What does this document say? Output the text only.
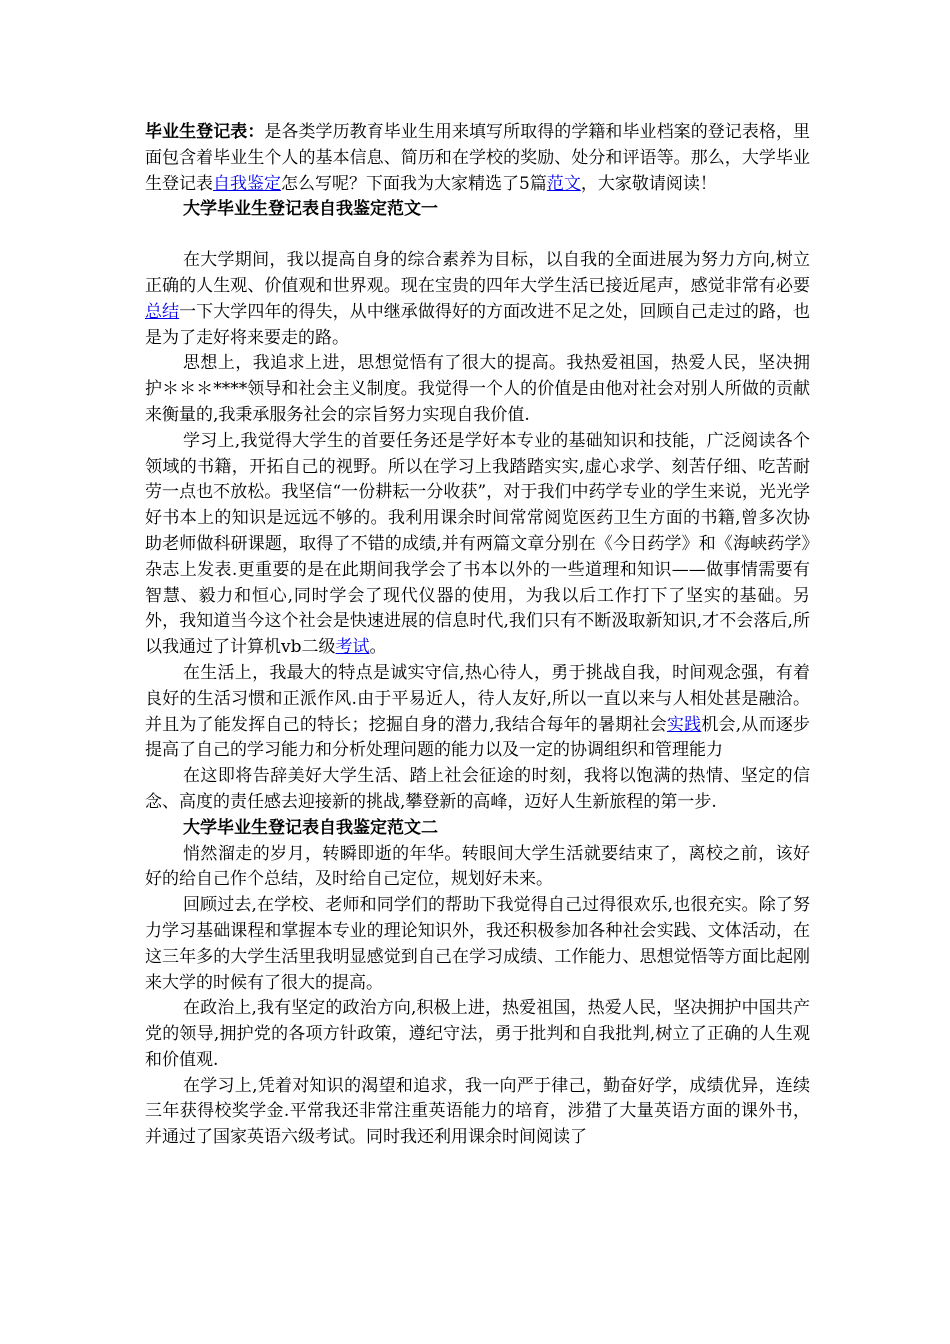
毕业生登记表：是各类学历教育毕业生用来填写所取得的学籍和毕业档案的登记表格，里面包含着毕业生个人的基本信息、简历和在学校的奖励、处分和评语等。那么，大学毕业生登记表自我鉴定怎么写呢？下面我为大家精选了5篇范文，大家敬请阅读！

大学毕业生登记表自我鉴定范文一

在大学期间，我以提高自身的综合素养为目标，以自我的全面进展为努力方向,树立正确的人生观、价值观和世界观。现在宝贵的四年大学生活已接近尾声，感觉非常有必要总结一下大学四年的得失，从中继承做得好的方面改进不足之处，回顾自己走过的路，也是为了走好将来要走的路。

思想上，我追求上进，思想觉悟有了很大的提高。我热爱祖国，热爱人民，坚决拥护＊＊＊****领导和社会主义制度。我觉得一个人的价值是由他对社会对别人所做的贡献来衡量的,我秉承服务社会的宗旨努力实现自我价值.

学习上,我觉得大学生的首要任务还是学好本专业的基础知识和技能，广泛阅读各个领域的书籍，开拓自己的视野。所以在学习上我踏踏实实,虚心求学、刻苦仔细、吃苦耐劳一点也不放松。我坚信“一份耕耘一分收获”，对于我们中药学专业的学生来说，光光学好书本上的知识是远远不够的。我利用课余时间常常阅览医药卫生方面的书籍,曾多次协助老师做科研课题，取得了不错的成绩,并有两篇文章分别在《今日药学》和《海峡药学》杂志上发表.更重要的是在此期间我学会了书本以外的一些道理和知识——做事情需要有智慧、毅力和恒心,同时学会了现代仪器的使用，为我以后工作打下了坚实的基础。另外，我知道当今这个社会是快速进展的信息时代,我们只有不断汲取新知识,才不会落后,所以我通过了计算机vb二级考试。

在生活上，我最大的特点是诚实守信,热心待人，勇于挑战自我，时间观念强，有着良好的生活习惯和正派作风.由于平易近人，待人友好,所以一直以来与人相处甚是融洽。并且为了能发挥自己的特长；挖掘自身的潜力,我结合每年的暑期社会实践机会,从而逐步提高了自己的学习能力和分析处理问题的能力以及一定的协调组织和管理能力

在这即将告辞美好大学生活、踏上社会征途的时刻，我将以饱满的热情、坚定的信念、高度的责任感去迎接新的挑战,攀登新的高峰，迈好人生新旅程的第一步.

大学毕业生登记表自我鉴定范文二

悄然溜走的岁月，转瞬即逝的年华。转眼间大学生活就要结束了，离校之前，该好好的给自己作个总结，及时给自己定位，规划好未来。

回顾过去,在学校、老师和同学们的帮助下我觉得自己过得很欢乐,也很充实。除了努力学习基础课程和掌握本专业的理论知识外，我还积极参加各种社会实践、文体活动，在这三年多的大学生活里我明显感觉到自己在学习成绩、工作能力、思想觉悟等方面比起刚来大学的时候有了很大的提高。

在政治上,我有坚定的政治方向,积极上进，热爱祖国，热爱人民，坚决拥护中国共产党的领导,拥护党的各项方针政策，遵纪守法，勇于批判和自我批判,树立了正确的人生观和价值观.

在学习上,凭着对知识的渴望和追求，我一向严于律己，勤奋好学，成绩优异，连续三年获得校奖学金.平常我还非常注重英语能力的培育，涉猎了大量英语方面的课外书，并通过了国家英语六级考试。同时我还利用课余时间阅读了
